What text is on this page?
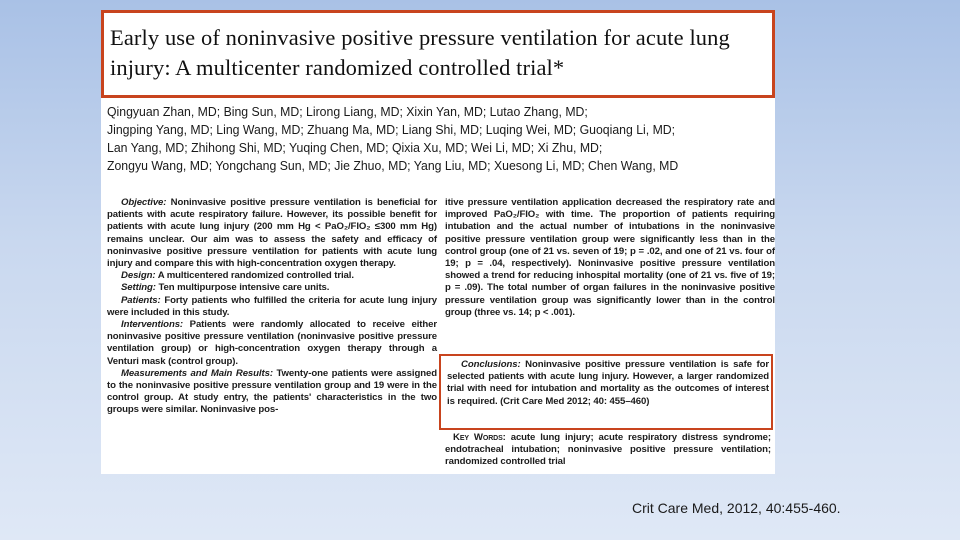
Early use of noninvasive positive pressure ventilation for acute lung injury: A multicenter randomized controlled trial*
Qingyuan Zhan, MD; Bing Sun, MD; Lirong Liang, MD; Xixin Yan, MD; Lutao Zhang, MD;
Jingping Yang, MD; Ling Wang, MD; Zhuang Ma, MD; Liang Shi, MD; Luqing Wei, MD; Guoqiang Li, MD;
Lan Yang, MD; Zhihong Shi, MD; Yuqing Chen, MD; Qixia Xu, MD; Wei Li, MD; Xi Zhu, MD;
Zongyu Wang, MD; Yongchang Sun, MD; Jie Zhuo, MD; Yang Liu, MD; Xuesong Li, MD; Chen Wang, MD

Objective: Noninvasive positive pressure ventilation is beneficial for patients with acute respiratory failure. However, its possible benefit for patients with acute lung injury (200 mm Hg < PaO₂/FIO₂ ≤300 mm Hg) remains unclear. Our aim was to assess the safety and efficacy of noninvasive positive pressure ventilation for patients with acute lung injury and compare this with high-concentration oxygen therapy.

Design: A multicentered randomized controlled trial.

Setting: Ten multipurpose intensive care units.

Patients: Forty patients who fulfilled the criteria for acute lung injury were included in this study.

Interventions: Patients were randomly allocated to receive either noninvasive positive pressure ventilation (noninvasive positive pressure ventilation group) or high-concentration oxygen therapy through a Venturi mask (control group).

Measurements and Main Results: Twenty-one patients were assigned to the noninvasive positive pressure ventilation group and 19 were in the control group. At study entry, the patients' characteristics in the two groups were similar. Noninvasive pos-

itive pressure ventilation application decreased the respiratory rate and improved PaO₂/FIO₂ with time. The proportion of patients requiring intubation and the actual number of intubations in the noninvasive positive pressure ventilation group were significantly less than in the control group (one of 21 vs. seven of 19; p = .02, and one of 21 vs. four of 19; p = .04, respectively). Noninvasive positive pressure ventilation showed a trend for reducing inhospital mortality (one of 21 vs. five of 19; p = .09). The total number of organ failures in the noninvasive positive pressure ventilation group was significantly lower than in the control group (three vs. 14; p < .001).
Conclusions: Noninvasive positive pressure ventilation is safe for selected patients with acute lung injury. However, a larger randomized trial with need for intubation and mortality as the outcomes of interest is required. (Crit Care Med 2012; 40: 455–460)
Key Words: acute lung injury; acute respiratory distress syndrome; endotracheal intubation; noninvasive positive pressure ventilation; randomized controlled trial
Crit Care Med, 2012, 40:455-460.
